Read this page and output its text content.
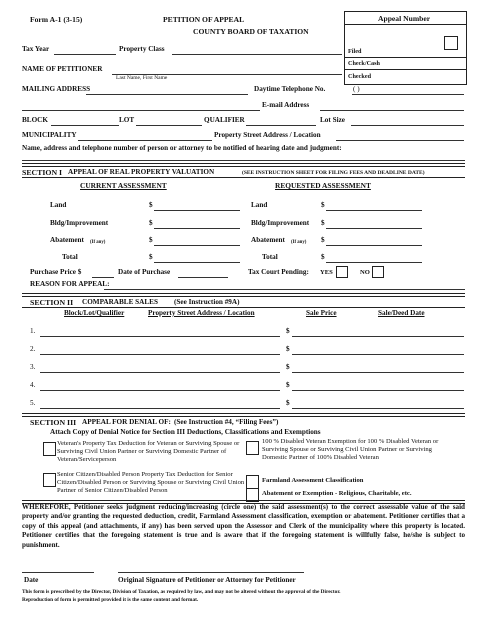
Form A-1 (3-15)	PETITION OF APPEAL
COUNTY BOARD OF TAXATION
Appeal Number
Filed
Check/Cash
Checked
Tax Year	Property Class
NAME OF PETITIONER
Last Name, First Name
MAILING ADDRESS	Daytime Telephone No.	( )
E-mail Address
BLOCK	LOT	QUALIFIER	Lot Size
MUNICIPALITY	Property Street Address / Location
Name, address and telephone number of person or attorney to be notified of hearing date and judgment:
SECTION I APPEAL OF REAL PROPERTY VALUATION	(SEE INSTRUCTION SHEET FOR FILING FEES AND DEADLINE DATE)
CURRENT ASSESSMENT	REQUESTED ASSESSMENT
Land	$	Land	$
Bldg/Improvement	$	Bldg/Improvement $
Abatement (If any)	$	Abatement (If any) $
Total	$	Total	$
Purchase Price $	Date of Purchase	Tax Court Pending: YES	NO
REASON FOR APPEAL:
SECTION II COMPARABLE SALES (See Instruction #9A)
Block/Lot/Qualifier	Property Street Address / Location	Sale Price	Sale/Deed Date
1.	$
2.	$
3.	$
4.	$
5.	$
SECTION III APPEAL FOR DENIAL OF: (See Instruction #4, “Filing Fees”)
Attach Copy of Denial Notice for Section III Deductions, Classifications and Exemptions
Veteran's Property Tax Deduction for Veteran or Surviving Spouse or Surviving Civil Union Partner or Surviving Domestic Partner of Veteran/Serviceperson
Senior Citizen/Disabled Person Property Tax Deduction for Senior Citizen/Disabled Person or Surviving Spouse or Surviving Civil Union Partner of Senior Citizen/Disabled Person
100 % Disabled Veteran Exemption for 100 % Disabled Veteran or Surviving Spouse or Surviving Civil Union Partner or Surviving Domestic Partner of 100% Disabled Veteran
Farmland Assessment Classification
Abatement or Exemption - Religious, Charitable, etc.
WHEREFORE, Petitioner seeks judgment reducing/increasing (circle one) the said assessment(s) to the correct assessable value of the said property and/or granting the requested deduction, credit, Farmland Assessment classification, exemption or abatement. Petitioner certifies that a copy of this appeal (and attachments, if any) has been served upon the Assessor and Clerk of the municipality where this property is located. Petitioner certifies that the foregoing statement is true and is aware that if the foregoing statement is willfully false, he/she is subject to punishment.
Date	Original Signature of Petitioner or Attorney for Petitioner
This form is prescribed by the Director, Division of Taxation, as required by law, and may not be altered without the approval of the Director.
Reproduction of form is permitted provided it is the same content and format.
